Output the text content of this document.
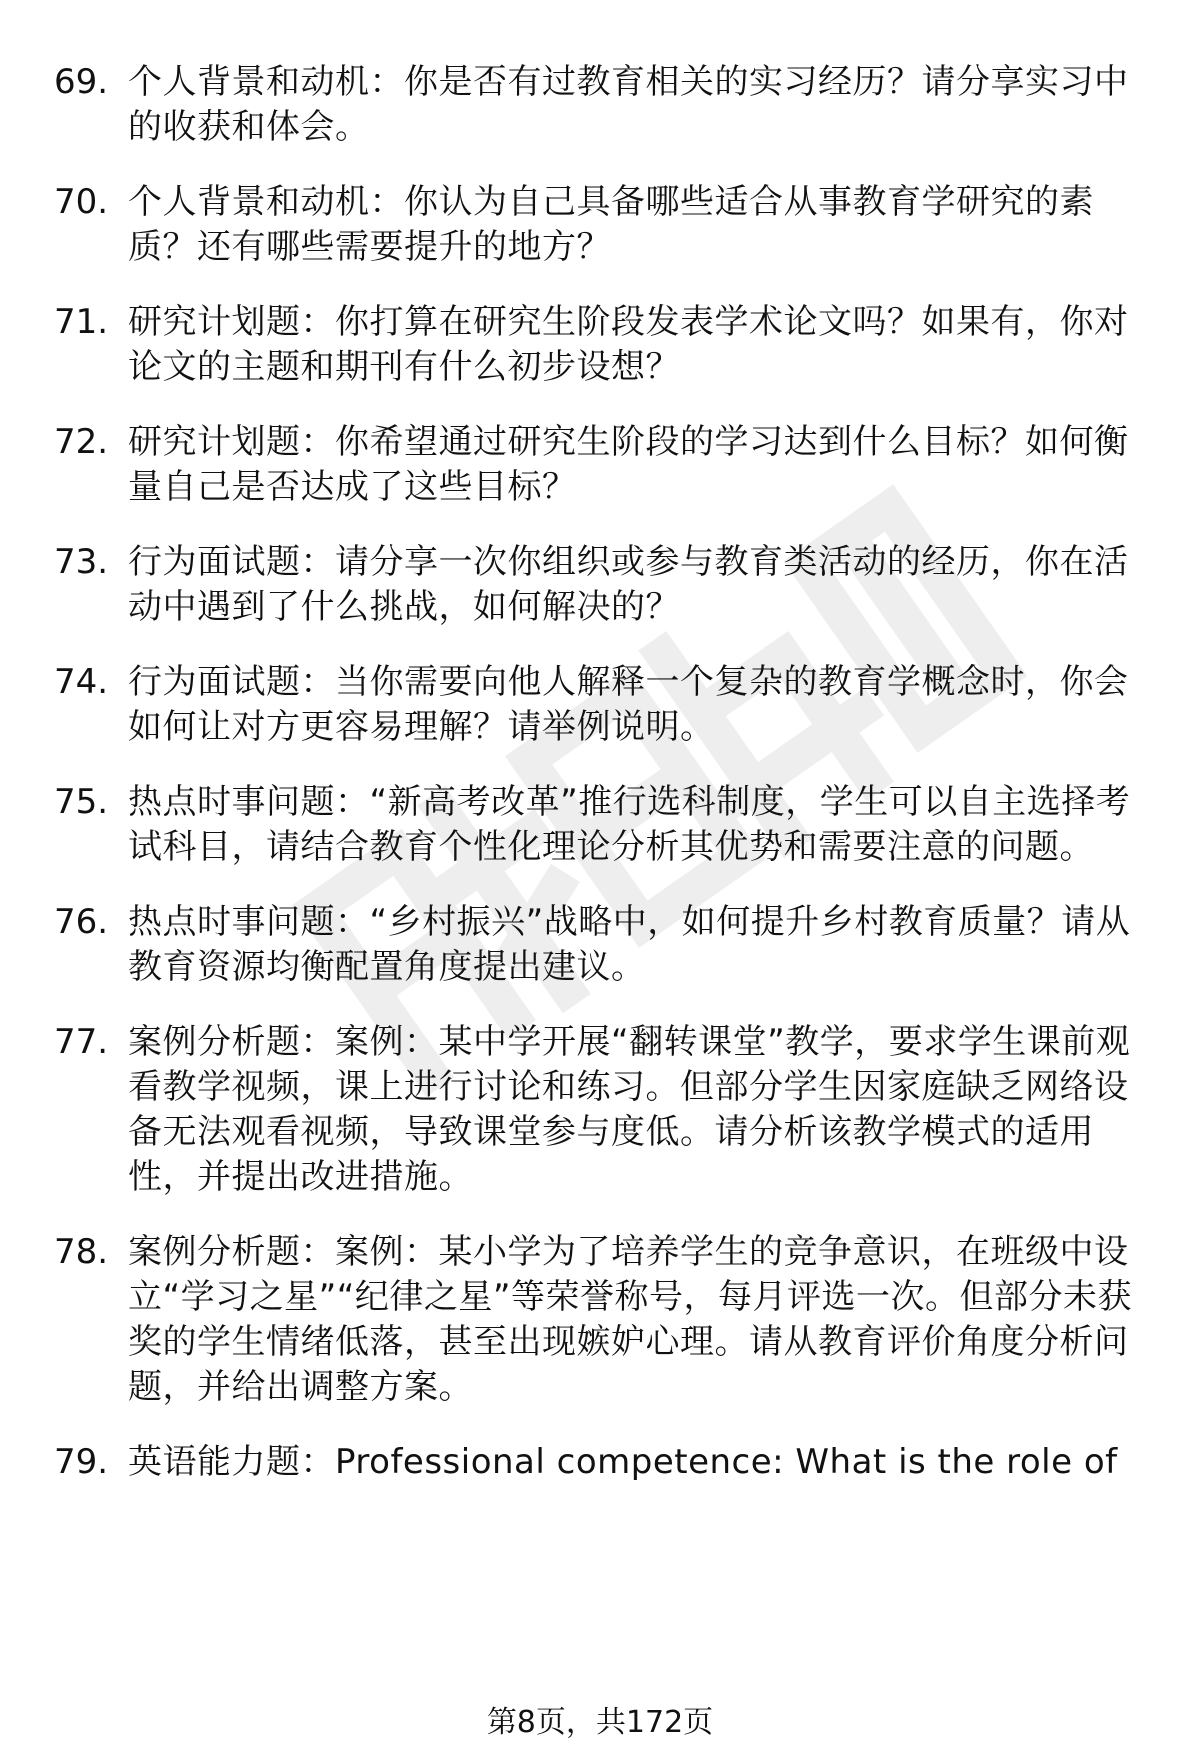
69. 个人背景和动机：你是否有过教育相关的实习经历？请分享实习中的收获和体会。
70. 个人背景和动机：你认为自己具备哪些适合从事教育学研究的素质？还有哪些需要提升的地方？
71. 研究计划题：你打算在研究生阶段发表学术论文吗？如果有，你对论文的主题和期刊有什么初步设想？
72. 研究计划题：你希望通过研究生阶段的学习达到什么目标？如何衡量自己是否达成了这些目标？
73. 行为面试题：请分享一次你组织或参与教育类活动的经历，你在活动中遇到了什么挑战，如何解决的？
74. 行为面试题：当你需要向他人解释一个复杂的教育学概念时，你会如何让对方更容易理解？请举例说明。
75. 热点时事问题：“新高考改革”推行选科制度，学生可以自主选择考试科目，请结合教育个性化理论分析其优势和需要注意的问题。
76. 热点时事问题：“乡村振兴”战略中，如何提升乡村教育质量？请从教育资源均衡配置角度提出建议。
77. 案例分析题：案例：某中学开展“翻转课堂”教学，要求学生课前观看教学视频，课上进行讨论和练习。但部分学生因家庭缺乏网络设备无法观看视频，导致课堂参与度低。请分析该教学模式的适用性，并提出改进措施。
78. 案例分析题：案例：某小学为了培养学生的竞争意识，在班级中设立“学习之星”“纪律之星”等荣誉称号，每月评选一次。但部分未获奖的学生情绪低落，甚至出现嫉妒心理。请从教育评价角度分析问题，并给出调整方案。
79. 英语能力题：Professional competence: What is the role of
第8页，共172页
